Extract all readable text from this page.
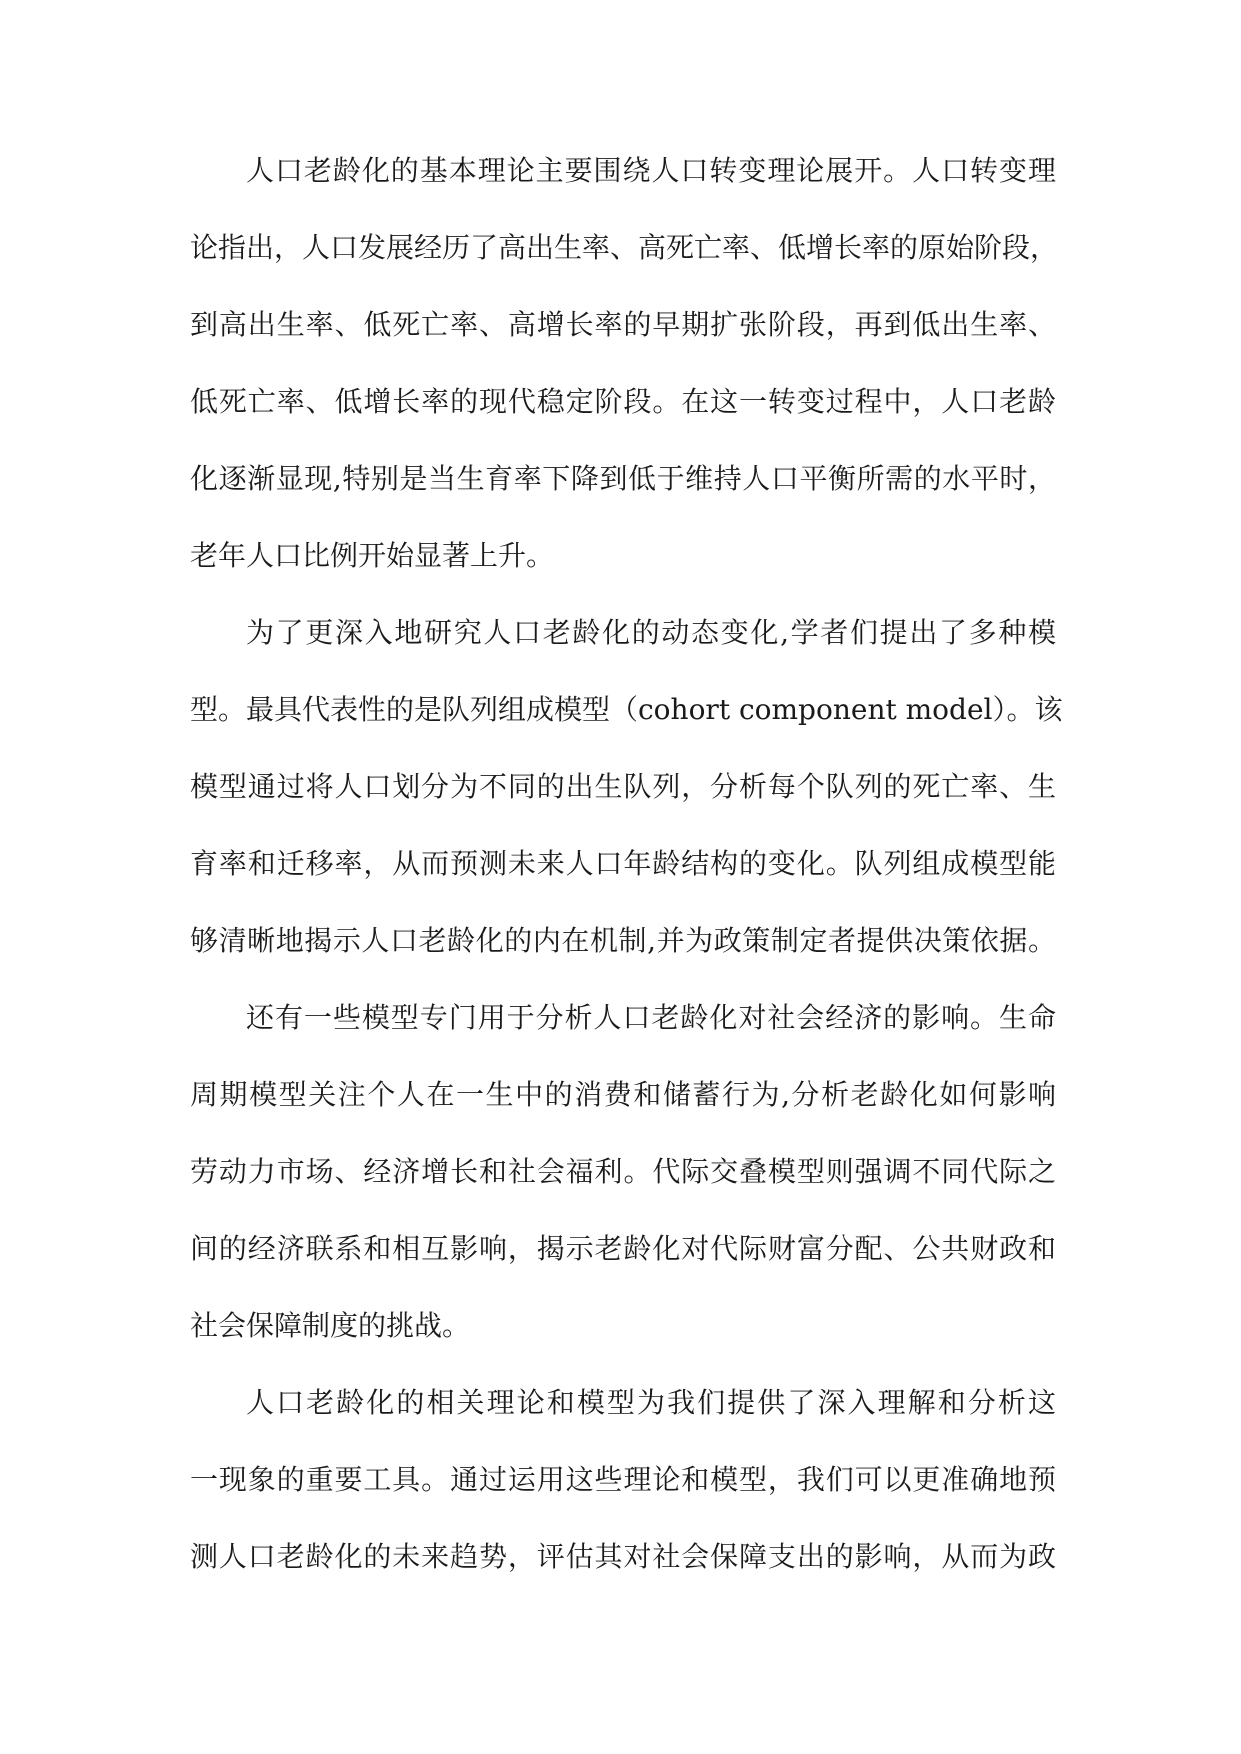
人口老龄化的基本理论主要围绕人口转变理论展开。人口转变理
论指出，人口发展经历了高出生率、高死亡率、低增长率的原始阶段，
到高出生率、低死亡率、高增长率的早期扩张阶段，再到低出生率、
低死亡率、低增长率的现代稳定阶段。在这一转变过程中，人口老龄
化逐渐显现,特别是当生育率下降到低于维持人口平衡所需的水平时，
老年人口比例开始显著上升。
为了更深入地研究人口老龄化的动态变化,学者们提出了多种模
型。最具代表性的是队列组成模型（cohort component model）。该
模型通过将人口划分为不同的出生队列，分析每个队列的死亡率、生
育率和迁移率，从而预测未来人口年龄结构的变化。队列组成模型能
够清晰地揭示人口老龄化的内在机制,并为政策制定者提供决策依据。
还有一些模型专门用于分析人口老龄化对社会经济的影响。生命
周期模型关注个人在一生中的消费和储蓄行为,分析老龄化如何影响
劳动力市场、经济增长和社会福利。代际交叠模型则强调不同代际之
间的经济联系和相互影响，揭示老龄化对代际财富分配、公共财政和
社会保障制度的挑战。
人口老龄化的相关理论和模型为我们提供了深入理解和分析这
一现象的重要工具。通过运用这些理论和模型，我们可以更准确地预
测人口老龄化的未来趋势，评估其对社会保障支出的影响，从而为政
